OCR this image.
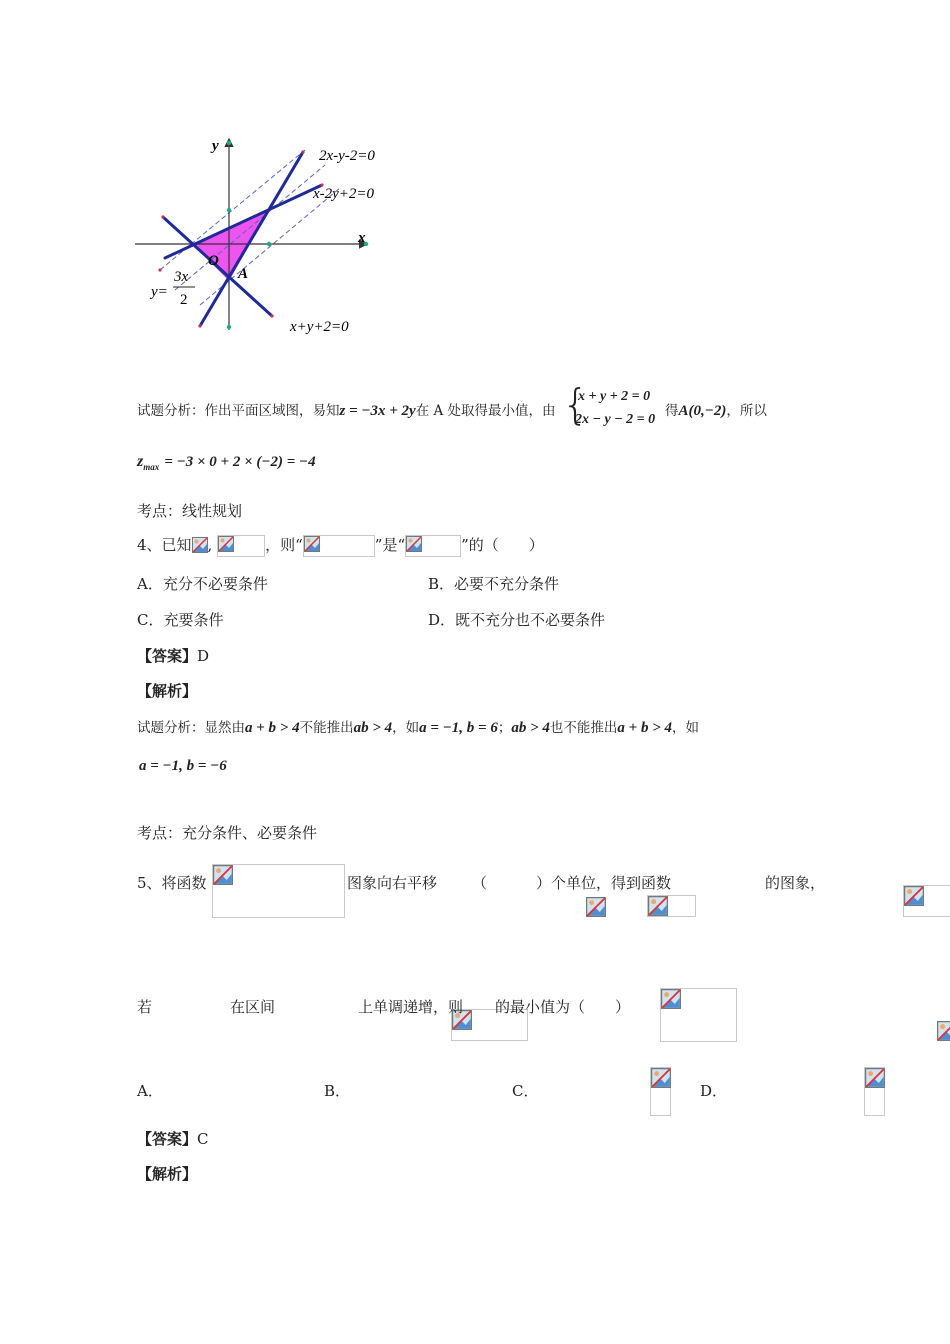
y
x
O
A
2x-y-2=0
x-2y+2=0
x+y+2=0
y=
3x
2
试题分析：作出平面区域图，易知z = −3x + 2y在 A 处取得最小值，由 {
x + y + 2 = 0
2x − y − 2 = 0
得A(0,−2)，所以
$z_{max} = -3 \times 0 + 2 \times (-2) = -4$
考点：线性规划
4、已知 ,	，则“	”是“	”的（　　）
A．充分不必要条件	B．必要不充分条件
C．充要条件	D．既不充分也不必要条件
【答案】D
【解析】
试题分析：显然由a + b > 4不能推出ab > 4，如a = −1, b = 6；ab > 4也不能推出a + b > 4，如
a = −1, b = −6
考点：充分条件、必要条件
5、将函数
	图象向右平移
（
	）个单位，得到函数
	的图象，
若
	在区间
	上单调递增，则
的最小值为（　　）
A．
	B．
	C．
	D．
【答案】C
【解析】
